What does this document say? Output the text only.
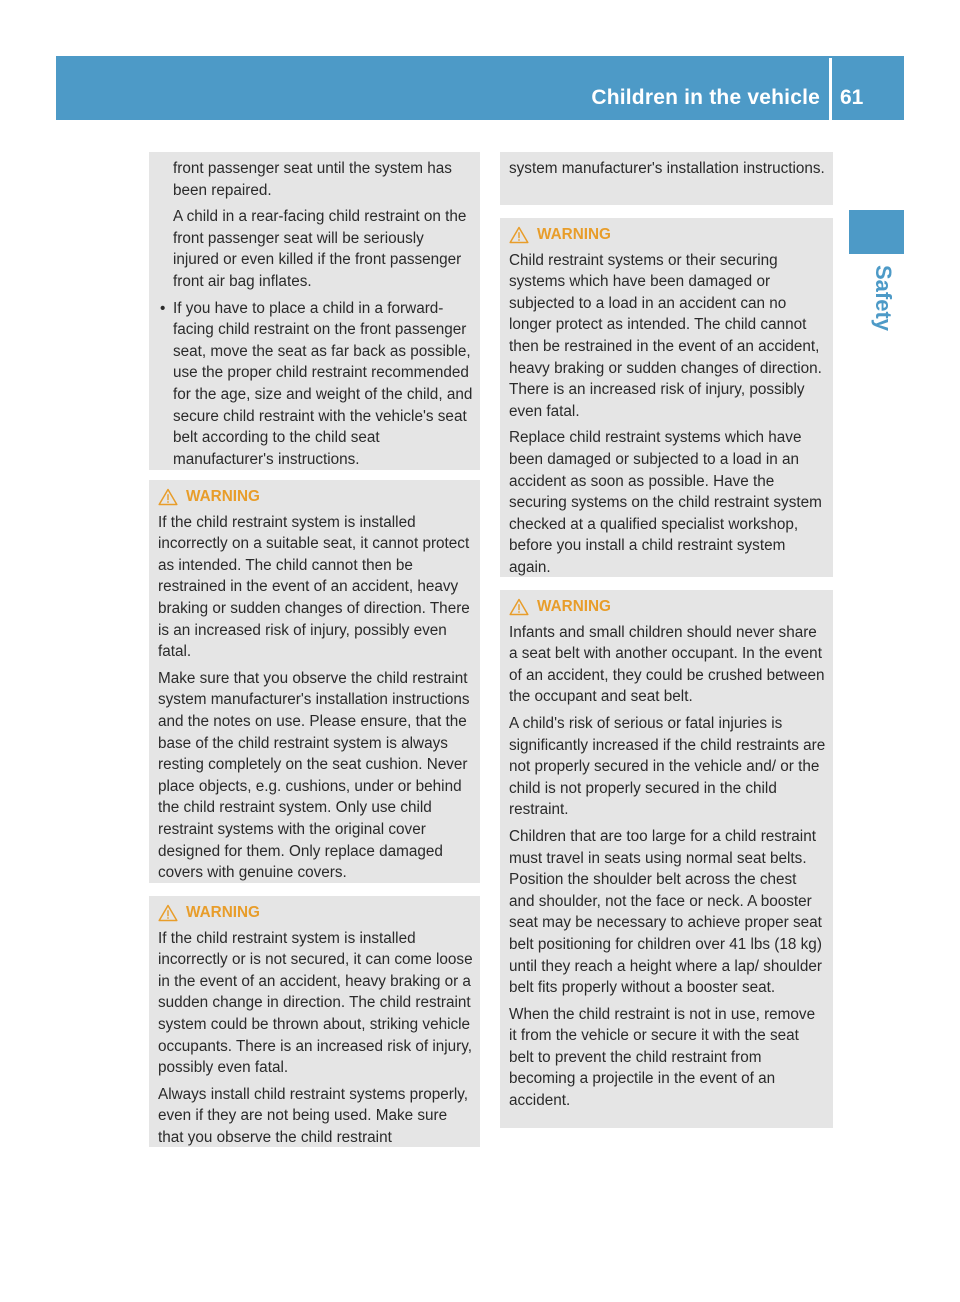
Children in the vehicle 61
Safety

front passenger seat until the system has been repaired.

A child in a rear-facing child restraint on the front passenger seat will be seriously injured or even killed if the front passenger front air bag inflates.

• If you have to place a child in a forward-facing child restraint on the front passenger seat, move the seat as far back as possible, use the proper child restraint recommended for the age, size and weight of the child, and secure child restraint with the vehicle's seat belt according to the child seat manufacturer's instructions.
WARNING

If the child restraint system is installed incorrectly on a suitable seat, it cannot protect as intended. The child cannot then be restrained in the event of an accident, heavy braking or sudden changes of direction. There is an increased risk of injury, possibly even fatal.

Make sure that you observe the child restraint system manufacturer's installation instructions and the notes on use. Please ensure, that the base of the child restraint system is always resting completely on the seat cushion. Never place objects, e.g. cushions, under or behind the child restraint system. Only use child restraint systems with the original cover designed for them. Only replace damaged covers with genuine covers.

WARNING

If the child restraint system is installed incorrectly or is not secured, it can come loose in the event of an accident, heavy braking or a sudden change in direction. The child restraint system could be thrown about, striking vehicle occupants. There is an increased risk of injury, possibly even fatal.

Always install child restraint systems properly, even if they are not being used. Make sure that you observe the child restraint

system manufacturer's installation instructions.

WARNING

Child restraint systems or their securing systems which have been damaged or subjected to a load in an accident can no longer protect as intended. The child cannot then be restrained in the event of an accident, heavy braking or sudden changes of direction. There is an increased risk of injury, possibly even fatal.

Replace child restraint systems which have been damaged or subjected to a load in an accident as soon as possible. Have the securing systems on the child restraint system checked at a qualified specialist workshop, before you install a child restraint system again.

WARNING

Infants and small children should never share a seat belt with another occupant. In the event of an accident, they could be crushed between the occupant and seat belt.

A child's risk of serious or fatal injuries is significantly increased if the child restraints are not properly secured in the vehicle and/ or the child is not properly secured in the child restraint.

Children that are too large for a child restraint must travel in seats using normal seat belts. Position the shoulder belt across the chest and shoulder, not the face or neck. A booster seat may be necessary to achieve proper seat belt positioning for children over 41 lbs (18 kg) until they reach a height where a lap/ shoulder belt fits properly without a booster seat.

When the child restraint is not in use, remove it from the vehicle or secure it with the seat belt to prevent the child restraint from becoming a projectile in the event of an accident.
